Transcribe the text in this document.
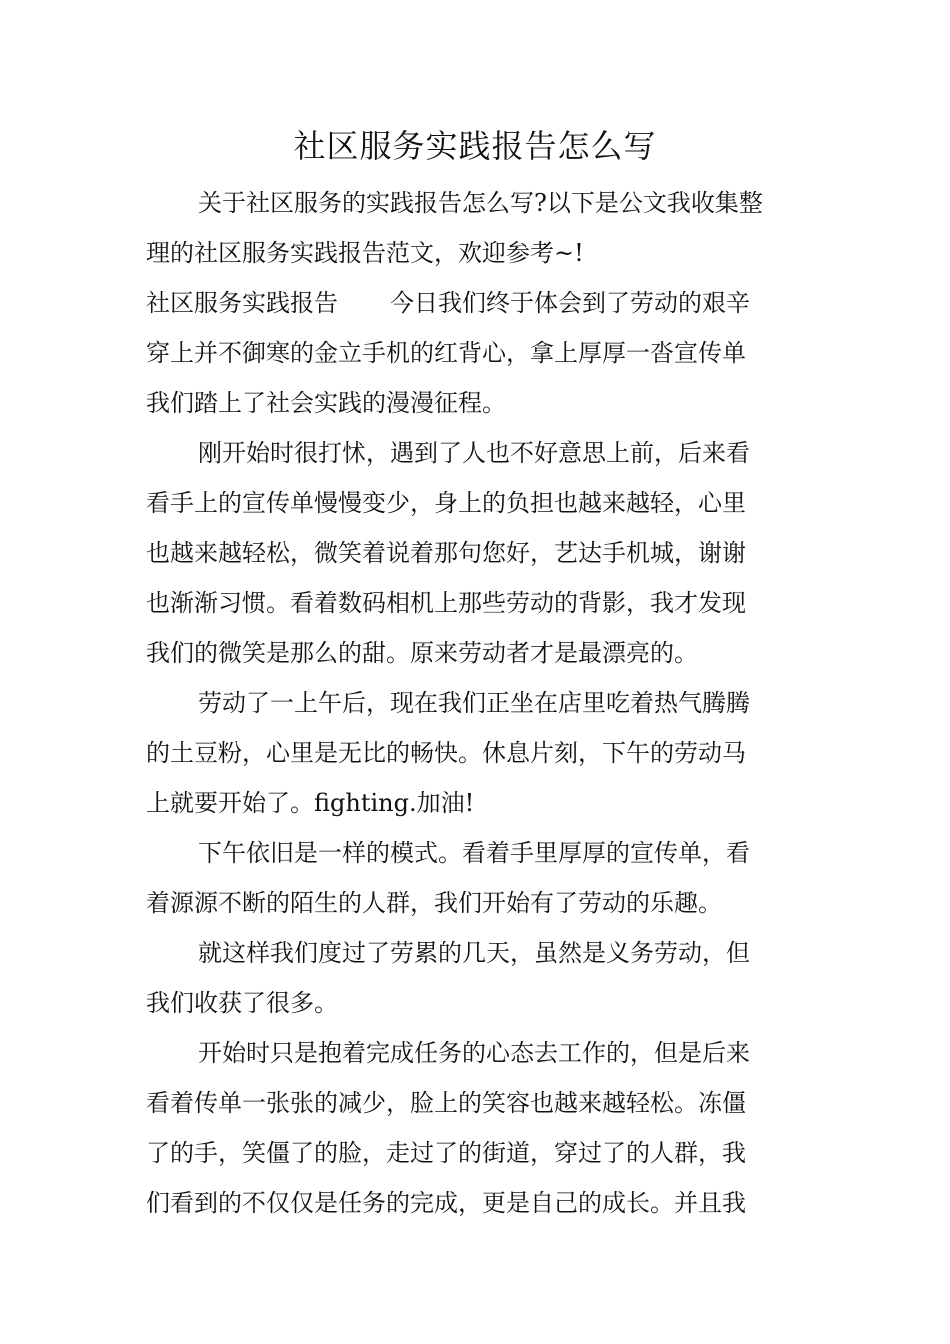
社区服务实践报告怎么写
关于社区服务的实践报告怎么写?以下是公文我收集整
理的社区服务实践报告范文，欢迎参考~!
社区服务实践报告 今日我们终于体会到了劳动的艰辛
穿上并不御寒的金立手机的红背心，拿上厚厚一沓宣传单
我们踏上了社会实践的漫漫征程。
刚开始时很打怵，遇到了人也不好意思上前，后来看
看手上的宣传单慢慢变少，身上的负担也越来越轻，心里
也越来越轻松，微笑着说着那句您好，艺达手机城，谢谢
也渐渐习惯。看着数码相机上那些劳动的背影，我才发现
我们的微笑是那么的甜。原来劳动者才是最漂亮的。
劳动了一上午后，现在我们正坐在店里吃着热气腾腾
的土豆粉，心里是无比的畅快。休息片刻，下午的劳动马
上就要开始了。fighting.加油!
下午依旧是一样的模式。看着手里厚厚的宣传单，看
着源源不断的陌生的人群，我们开始有了劳动的乐趣。
就这样我们度过了劳累的几天，虽然是义务劳动，但
我们收获了很多。
开始时只是抱着完成任务的心态去工作的，但是后来
看着传单一张张的减少，脸上的笑容也越来越轻松。冻僵
了的手，笑僵了的脸，走过了的街道，穿过了的人群，我
们看到的不仅仅是任务的完成，更是自己的成长。并且我
